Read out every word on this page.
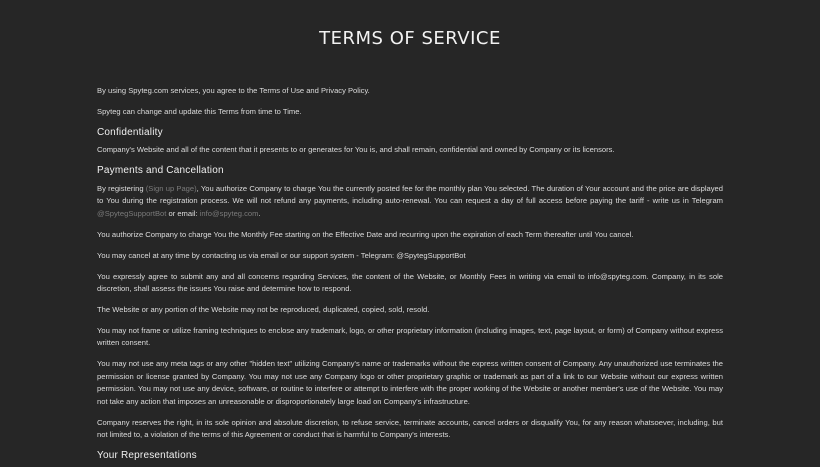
TERMS OF SERVICE

By using Spyteg.com services, you agree to the Terms of Use and Privacy Policy.

Spyteg can change and update this Terms from time to Time.

Confidentiality

Company's Website and all of the content that it presents to or generates for You is, and shall remain, confidential and owned by Company or its licensors.

Payments and Cancellation

By registering (Sign up Page), You authorize Company to charge You the currently posted fee for the monthly plan You selected. The duration of Your account and the price are displayed to You during the registration process. We will not refund any payments, including auto-renewal. You can request a day of full access before paying the tariff - write us in Telegram @SpytegSupportBot or email: info@spyteg.com.

You authorize Company to charge You the Monthly Fee starting on the Effective Date and recurring upon the expiration of each Term thereafter until You cancel.

You may cancel at any time by contacting us via email or our support system - Telegram: @SpytegSupportBot

You expressly agree to submit any and all concerns regarding Services, the content of the Website, or Monthly Fees in writing via email to info@spyteg.com. Company, in its sole discretion, shall assess the issues You raise and determine how to respond.

The Website or any portion of the Website may not be reproduced, duplicated, copied, sold, resold.

You may not frame or utilize framing techniques to enclose any trademark, logo, or other proprietary information (including images, text, page layout, or form) of Company without express written consent.

You may not use any meta tags or any other "hidden text" utilizing Company's name or trademarks without the express written consent of Company. Any unauthorized use terminates the permission or license granted by Company. You may not use any Company logo or other proprietary graphic or trademark as part of a link to our Website without our express written permission. You may not use any device, software, or routine to interfere or attempt to interfere with the proper working of the Website or another member's use of the Website. You may not take any action that imposes an unreasonable or disproportionately large load on Company's infrastructure.

Company reserves the right, in its sole opinion and absolute discretion, to refuse service, terminate accounts, cancel orders or disqualify You, for any reason whatsoever, including, but not limited to, a violation of the terms of this Agreement or conduct that is harmful to Company's interests.

Your Representations
